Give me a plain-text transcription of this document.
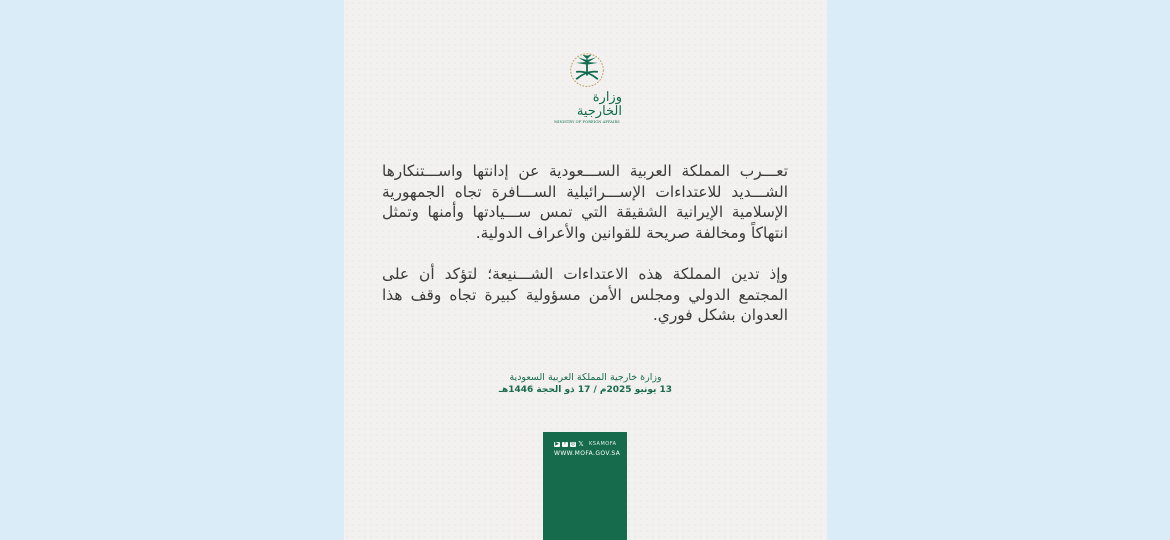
وزارة الخارجية
MINISTRY OF FOREIGN AFFAIRS

تعـــرب المملكة العربية الســـعودية عن إدانتها واســـتنكارها الشـــديد للاعتداءات الإســـرائيلية الســـافرة تجاه الجمهورية الإسلامية الإيرانية الشقيقة التي تمس ســـيادتها وأمنها وتمثل انتهاكاً ومخالفة صريحة للقوانين والأعراف الدولية.

وإذ تدين المملكة هذه الاعتداءات الشـــنيعة؛ لتؤكد أن على المجتمع الدولي ومجلس الأمن مسؤولية كبيرة تجاه وقف هذا العدوان بشكل فوري.

وزارة خارجية المملكة العربية السعودية
13 يونيو 2025م / 17 ذو الحجة 1446هـ
▶	f ◎ 𝕏 KSAMOFA
WWW.MOFA.GOV.SA
